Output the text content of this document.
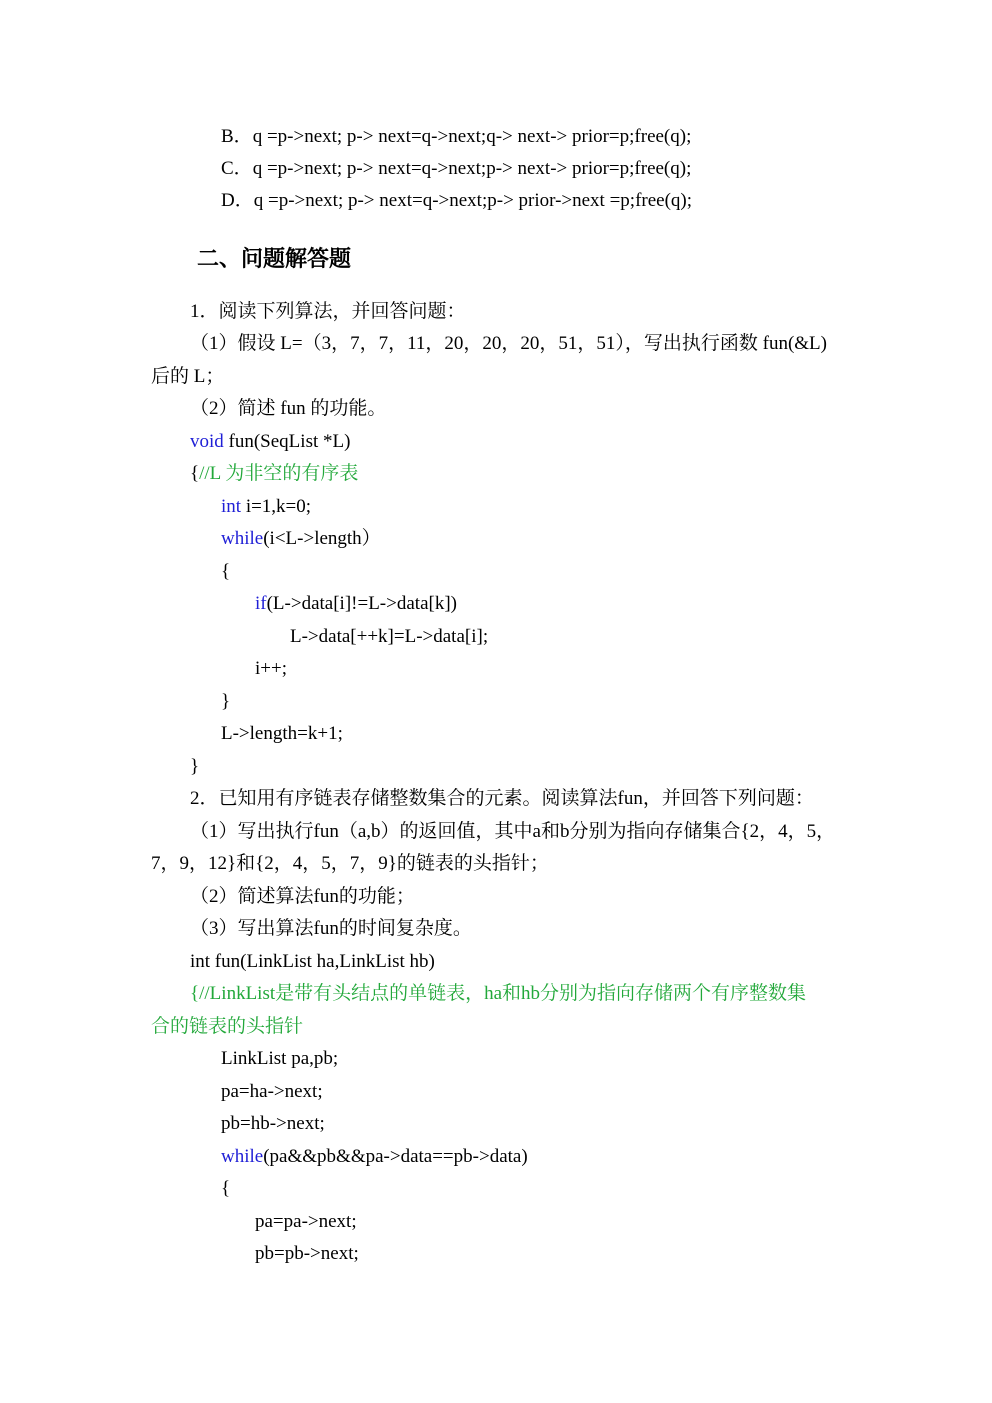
B．q =p->next; p-> next=q->next;q-> next-> prior=p;free(q);
C．q =p->next; p-> next=q->next;p-> next-> prior=p;free(q);
D．q =p->next; p-> next=q->next;p-> prior->next =p;free(q);
二、问题解答题
1．阅读下列算法，并回答问题：
（1）假设 L=（3，7，7，11，20，20，20，51，51），写出执行函数 fun(&L)
后的 L；
（2）简述 fun 的功能。
void fun(SeqList *L)
{//L 为非空的有序表
int i=1,k=0;
while(i<L->length）
{
if(L->data[i]!=L->data[k])
L->data[++k]=L->data[i];
i++;
}
L->length=k+1;
}
2．已知用有序链表存储整数集合的元素。阅读算法fun，并回答下列问题：
（1）写出执行fun（a,b）的返回值，其中a和b分别为指向存储集合{2，4，5，
7，9，12}和{2，4，5，7，9}的链表的头指针；
（2）简述算法fun的功能；
（3）写出算法fun的时间复杂度。
int fun(LinkList ha,LinkList hb)
{//LinkList是带有头结点的单链表，ha和hb分别为指向存储两个有序整数集
合的链表的头指针
LinkList pa,pb;
pa=ha->next;
pb=hb->next;
while(pa&&pb&&pa->data==pb->data)
{
pa=pa->next;
pb=pb->next;
